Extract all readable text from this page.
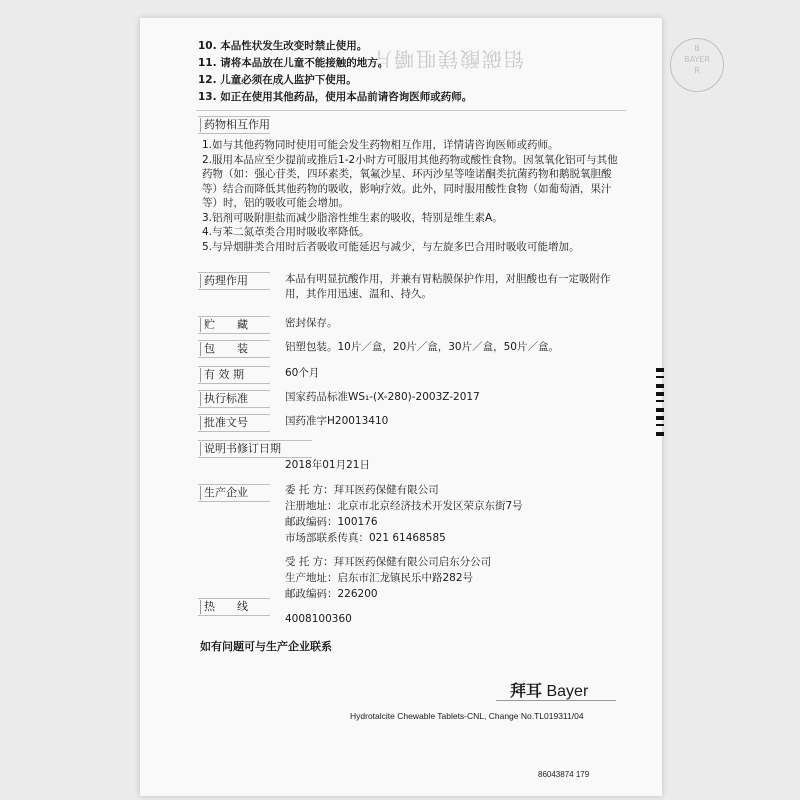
铝碳酸镁咀嚼片	B
BAYER
R
10. 本品性状发生改变时禁止使用。
11. 请将本品放在儿童不能接触的地方。
12. 儿童必须在成人监护下使用。
13. 如正在使用其他药品，使用本品前请咨询医师或药师。
药物相互作用
1.如与其他药物同时使用可能会发生药物相互作用，详情请咨询医师或药师。
2.服用本品应至少提前或推后1-2小时方可服用其他药物或酸性食物。因氢氧化铝可与其他药物（如：强心苷类，四环素类，氧氟沙星、环丙沙星等喹诺酮类抗菌药物和鹅脱氧胆酸等）结合而降低其他药物的吸收，影响疗效。此外，同时服用酸性食物（如葡萄酒，果汁等）时，铝的吸收可能会增加。
3.铝剂可吸附胆盐而减少脂溶性维生素的吸收，特别是维生素A。
4.与苯二氮䓬类合用时吸收率降低。
5.与异烟肼类合用时后者吸收可能延迟与减少，与左旋多巴合用时吸收可能增加。
药理作用	本品有明显抗酸作用，并兼有胃粘膜保护作用，对胆酸也有一定吸附作用，其作用迅速、温和、持久。
贮　　藏	密封保存。
包　　装	铝塑包装。10片／盒，20片／盒，30片／盒，50片／盒。
有 效 期	60个月
执行标准	国家药品标准WS₁-(X-280)-2003Z-2017
批准文号	国药准字H20013410
说明书修订日期
2018年01月21日
生产企业	委 托 方：拜耳医药保健有限公司
注册地址：北京市北京经济技术开发区荣京东街7号
邮政编码：100176
市场部联系传真：021 61468585
受 托 方：拜耳医药保健有限公司启东分公司
生产地址：启东市汇龙镇民乐中路282号
邮政编码：226200
热　　线
4008100360
如有问题可与生产企业联系
拜耳 Bayer
Hydrotalcite Chewable Tablets-CNL, Change No.TL019311/04
86043874 179
